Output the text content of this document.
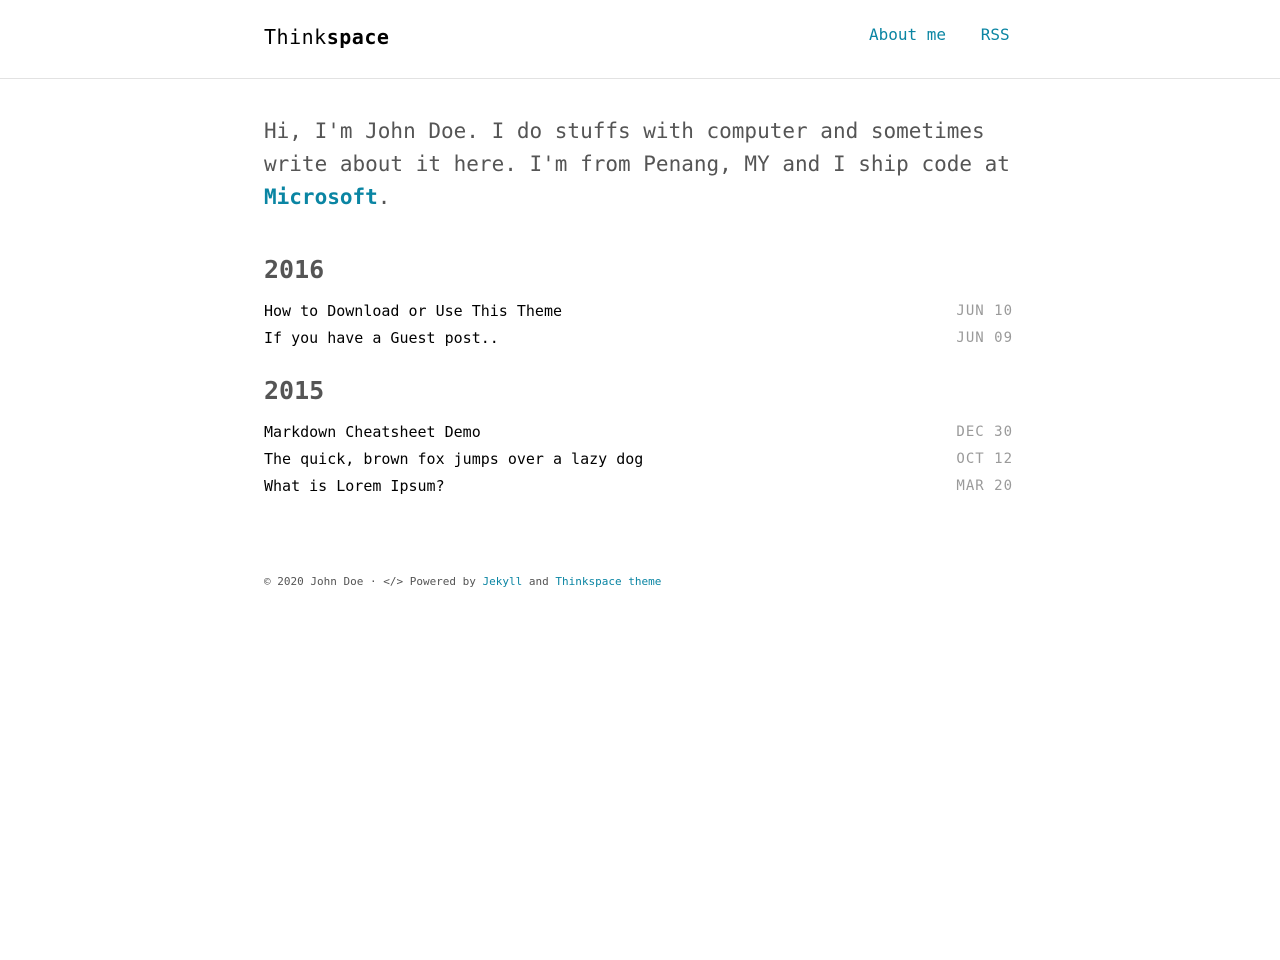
Thinkspace	About me RSS

Hi, I'm John Doe. I do stuffs with computer and sometimes write about it here. I'm from Penang, MY and I ship code at Microsoft.

2016
How to Download or Use This Theme	JUN 10
If you have a Guest post..	JUN 09
2015
Markdown Cheatsheet Demo	DEC 30
The quick, brown fox jumps over a lazy dog	OCT 12
What is Lorem Ipsum?	MAR 20
© 2020 John Doe · </> Powered by Jekyll and Thinkspace theme
